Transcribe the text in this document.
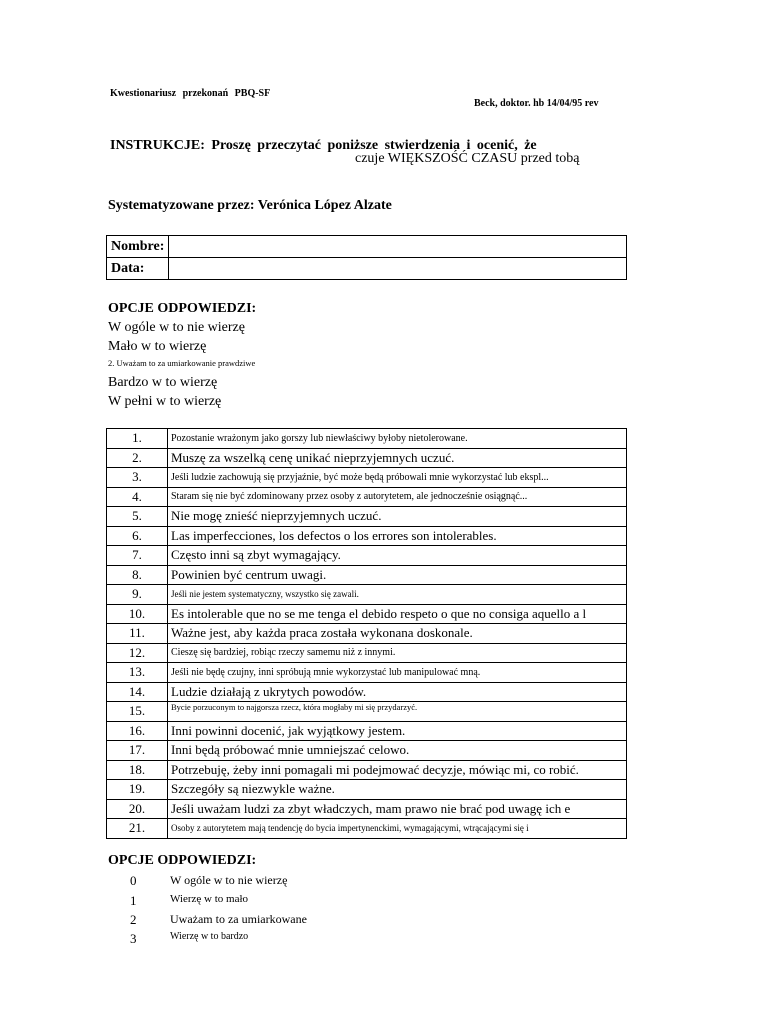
Kwestionariusz przekonań PBQ-SF
Beck, doktor. hb 14/04/95 rev
INSTRUKCJE: Proszę przeczytać poniższe stwierdzenia i ocenić, że
czuje WIĘKSZOŚĆ CZASU przed tobą
Systematyzowane przez: Verónica López Alzate
Nombre:	
Data:	
OPCJE ODPOWIEDZI:
W ogóle w to nie wierzę
Mało w to wierzę
2. Uważam to za umiarkowanie prawdziwe
Bardzo w to wierzę
W pełni w to wierzę
1.	Pozostanie wrażonym jako gorszy lub niewłaściwy byłoby nietolerowane.
2.	Muszę za wszelką cenę unikać nieprzyjemnych uczuć.
3.	Jeśli ludzie zachowują się przyjaźnie, być może będą próbowali mnie wykorzystać lub ekspl...
4.	Staram się nie być zdominowany przez osoby z autorytetem, ale jednocześnie osiągnąć...
5.	Nie mogę znieść nieprzyjemnych uczuć.
6.	Las imperfecciones, los defectos o los errores son intolerables.
7.	Często inni są zbyt wymagający.
8.	Powinien być centrum uwagi.
9.	Jeśli nie jestem systematyczny, wszystko się zawali.
10.	Es intolerable que no se me tenga el debido respeto o que no consiga aquello a l
11.	Ważne jest, aby każda praca została wykonana doskonale.
12.	Cieszę się bardziej, robiąc rzeczy samemu niż z innymi.
13.	Jeśli nie będę czujny, inni spróbują mnie wykorzystać lub manipulować mną.
14.	Ludzie działają z ukrytych powodów.
15.	Bycie porzuconym to najgorsza rzecz, która mogłaby mi się przydarzyć.
16.	Inni powinni docenić, jak wyjątkowy jestem.
17.	Inni będą próbować mnie umniejszać celowo.
18.	Potrzebuję, żeby inni pomagali mi podejmować decyzje, mówiąc mi, co robić.
19.	Szczegóły są niezwykle ważne.
20.	Jeśli uważam ludzi za zbyt władczych, mam prawo nie brać pod uwagę ich e
21.	Osoby z autorytetem mają tendencję do bycia impertynenckimi, wymagającymi, wtrącającymi się i
OPCJE ODPOWIEDZI:
0	W ogóle w to nie wierzę
1	Wierzę w to mało
2	Uważam to za umiarkowane
3	Wierzę w to bardzo
